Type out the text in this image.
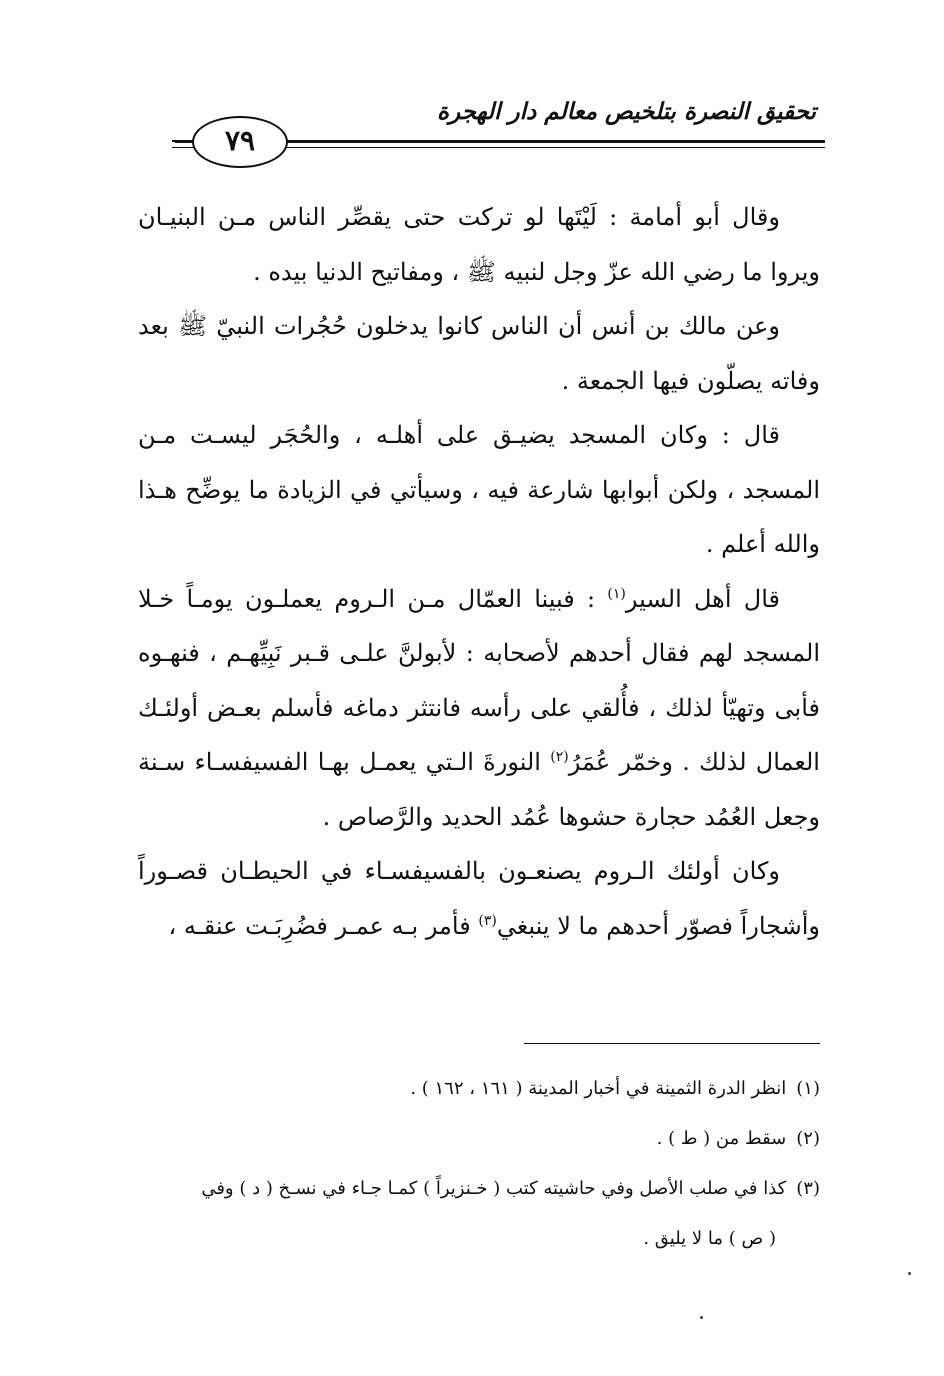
تحقيق النصرة بتلخيص معالم دار الهجرة
٧٩

وقال أبو أمامة : لَيْتَها لو تركت حتى يقصِّر الناس مـن البنيـان ويروا ما رضي الله عزّ وجل لنبيه ﷺ ، ومفاتيح الدنيا بيده .

وعن مالك بن أنس أن الناس كانوا يدخلون حُجُرات النبيّ ﷺ بعد وفاته يصلّون فيها الجمعة .

قال : وكان المسجد يضيـق على أهلـه ، والحُجَر ليسـت مـن المسجد ، ولكن أبوابها شارعة فيه ، وسيأتي في الزيادة ما يوضِّح هـذا والله أعلم .

قال أهل السير$^{(١)}$ : فبينا العمّال مـن الـروم يعملـون يومـاً خـلا المسجد لهم فقال أحدهم لأصحابه : لأبولنَّ علـى قـبر نَبِيِّهـم ، فنهـوه فأبى وتهيّأ لذلك ، فأُلقي على رأسه فانتثر دماغه فأسلم بعـض أولئـك العمال لذلك . وخمّر عُمَرُ$^{(٢)}$ النورةَ الـتي يعمـل بهـا الفسيفسـاء سـنة وجعل العُمُد حجارة حشوها عُمُد الحديد والرَّصاص .

وكان أولئك الـروم يصنعـون بالفسيفسـاء في الحيطـان قصـوراً وأشجاراً فصوّر أحدهم ما لا ينبغي$^{(٣)}$ فأمر بـه عمـر فضُرِبَـت عنقـه ،

(١)انظر الدرة الثمينة في أخبار المدينة ( ١٦١ ، ١٦٢ ) .

(٢)سقط من ( ط ) .

(٣)كذا في صلب الأصل وفي حاشيته كتب ( خـنزيراً ) كمـا جـاء في نسـخ ( د ) وفي

( ص ) ما لا يليق .
